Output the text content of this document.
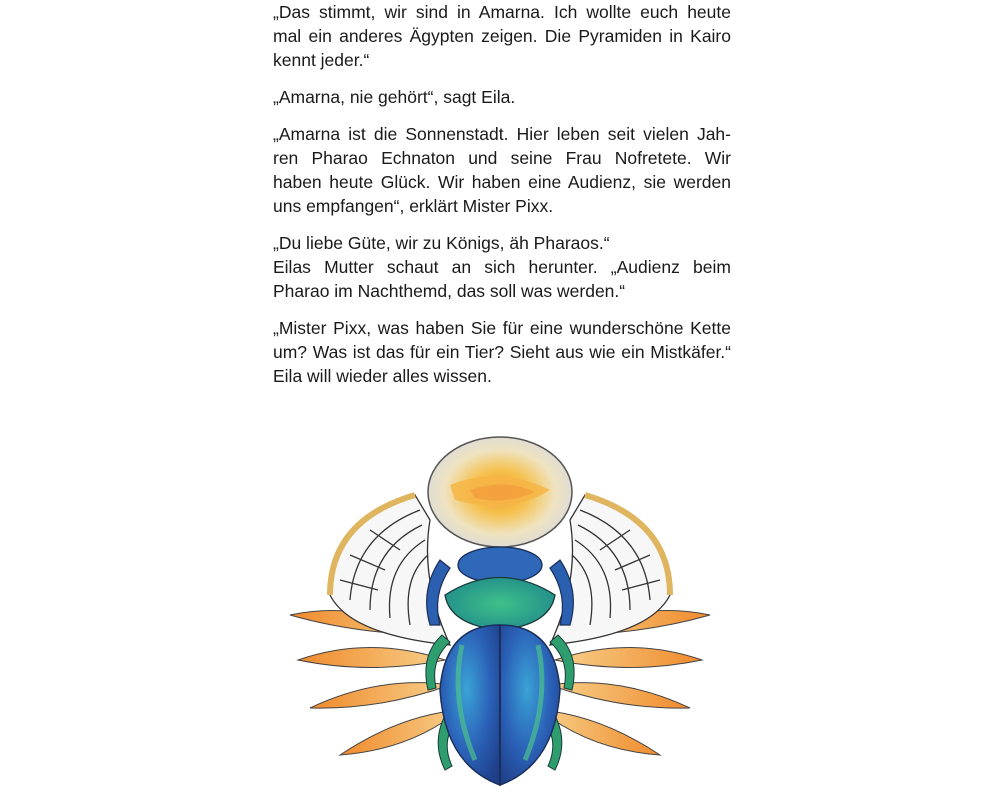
„Das stimmt, wir sind in Amarna. Ich wollte euch heute
mal ein anderes Ägypten zeigen. Die Pyramiden in Kairo
kennt jeder.“

„Amarna, nie gehört“, sagt Eila.

„Amarna ist die Sonnenstadt. Hier leben seit vielen Jah-
ren Pharao Echnaton und seine Frau Nofretete. Wir
haben heute Glück. Wir haben eine Audienz, sie werden
uns empfangen“, erklärt Mister Pixx.

„Du liebe Güte, wir zu Königs, äh Pharaos.“
Eilas Mutter schaut an sich herunter. „Audienz beim
Pharao im Nachthemd, das soll was werden.“

„Mister Pixx, was haben Sie für eine wunderschöne Kette
um? Was ist das für ein Tier? Sieht aus wie ein Mistkäfer.“
Eila will wieder alles wissen.
